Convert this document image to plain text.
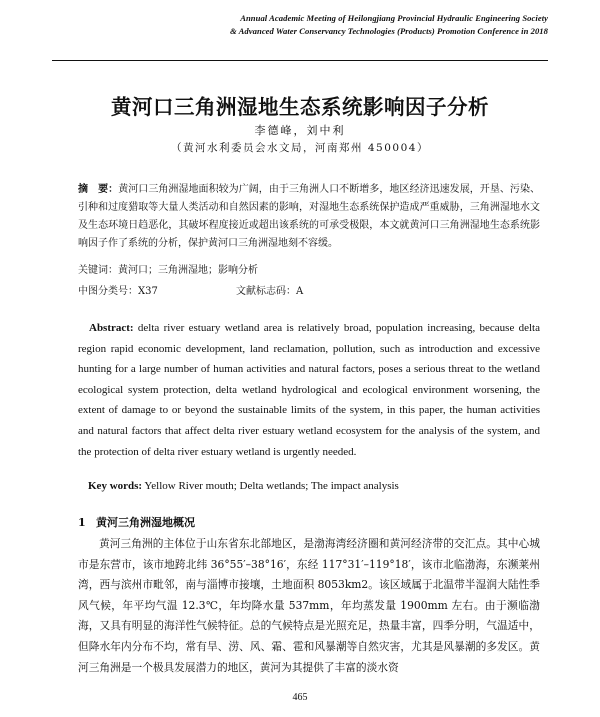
Annual Academic Meeting of Heilongjiang Provincial Hydraulic Engineering Society
& Advanced Water Conservancy Technologies (Products) Promotion Conference in 2018
黄河口三角洲湿地生态系统影响因子分析
李德峰，刘中利
（黄河水利委员会水文局，河南郑州 450004）
摘　要：黄河口三角洲湿地面积较为广阔，由于三角洲人口不断增多，地区经济迅速发展，开垦、污染、引种和过度猎取等大量人类活动和自然因素的影响，对湿地生态系统保护造成严重威胁，三角洲湿地水文及生态环境日趋恶化，其破坏程度接近或超出该系统的可承受极限，本文就黄河口三角洲湿地生态系统影响因子作了系统的分析，保护黄河口三角洲湿地刻不容缓。
关键词：黄河口；三角洲湿地；影响分析
中图分类号：X37	文献标志码：A
Abstract: delta river estuary wetland area is relatively broad, population increasing, because delta region rapid economic development, land reclamation, pollution, such as introduction and excessive hunting for a large number of human activities and natural factors, poses a serious threat to the wetland ecological system protection, delta wetland hydrological and ecological environment worsening, the extent of damage to or beyond the sustainable limits of the system, in this paper, the human activities and natural factors that affect delta river estuary wetland ecosystem for the analysis of the system, and the protection of delta river estuary wetland is urgently needed.
Key words: Yellow River mouth; Delta wetlands; The impact analysis
1 黄河三角洲湿地概况
黄河三角洲的主体位于山东省东北部地区，是渤海湾经济圈和黄河经济带的交汇点。其中心城市是东营市，该市地跨北纬 36°55′–38°16′，东经 117°31′–119°18′，该市北临渤海，东濒莱州湾，西与滨州市毗邻，南与淄博市接壤，土地面积 8053km2。该区域属于北温带半湿润大陆性季风气候，年平均气温 12.3℃，年均降水量 537mm，年均蒸发量 1900mm 左右。由于濒临渤海，又具有明显的海洋性气候特征。总的气候特点是光照充足，热量丰富，四季分明，气温适中，但降水年内分布不均，常有旱、涝、风、霜、雹和风暴潮等自然灾害，尤其是风暴潮的多发区。黄河三角洲是一个极具发展潜力的地区，黄河为其提供了丰富的淡水资
465
